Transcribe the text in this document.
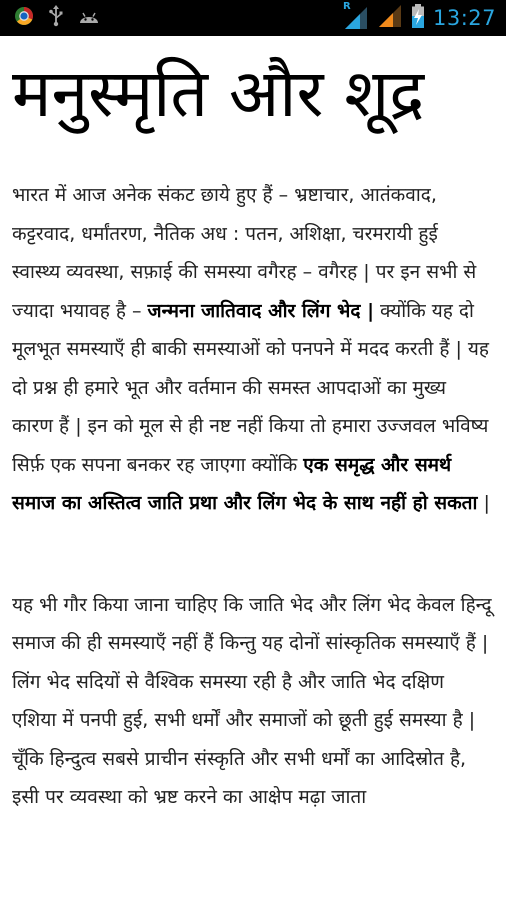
R	13:27
मनुस्मृति और शूद्र

भारत में आज अनेक संकट छाये हुए हैं – भ्रष्टाचार, आतंकवाद, कट्टरवाद, धर्मांतरण, नैतिक अध : पतन, अशिक्षा, चरमरायी हुई स्वास्थ्य व्यवस्था, सफ़ाई की समस्या वगैरह – वगैरह | पर इन सभी से ज्यादा भयावह है – जन्मना जातिवाद और लिंग भेद | क्योंकि यह दो मूलभूत समस्याएँ ही बाकी समस्याओं को पनपने में मदद करती हैं | यह दो प्रश्न ही हमारे भूत और वर्तमान की समस्त आपदाओं का मुख्य कारण हैं | इन को मूल से ही नष्ट नहीं किया तो हमारा उज्जवल भविष्य सिर्फ़ एक सपना बनकर रह जाएगा क्योंकि एक समृद्ध और समर्थ समाज का अस्तित्व जाति प्रथा और लिंग भेद के साथ नहीं हो सकता |

यह भी गौर किया जाना चाहिए कि जाति भेद और लिंग भेद केवल हिन्दू समाज की ही समस्याएँ नहीं हैं किन्तु यह दोनों सांस्कृतिक समस्याएँ हैं | लिंग भेद सदियों से वैश्विक समस्या रही है और जाति भेद दक्षिण एशिया में पनपी हुई, सभी धर्मों और समाजों को छूती हुई समस्या है | चूँकि हिन्दुत्व सबसे प्राचीन संस्कृति और सभी धर्मों का आदिस्रोत है, इसी पर व्यवस्था को भ्रष्ट करने का आक्षेप मढ़ा जाता
